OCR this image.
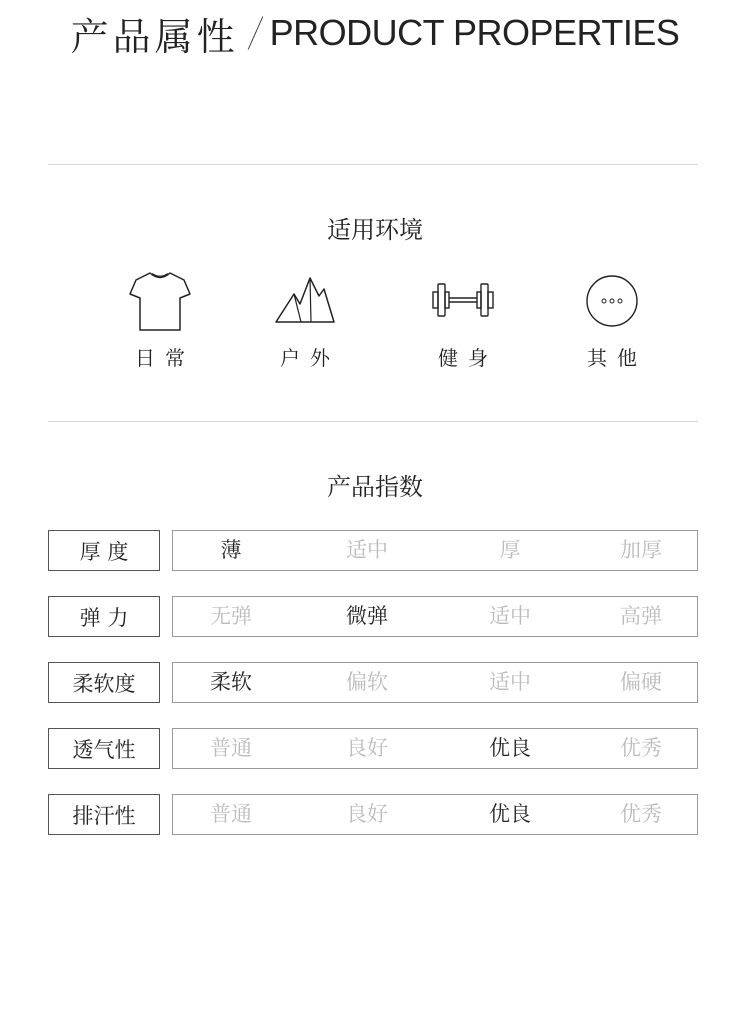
产品属性 PRODUCT PROPERTIES
适用环境
日常	户外	健身	其他
产品指数
厚 度	薄	适中	厚	加厚
弹 力	无弹	微弹	适中	高弹
柔软度	柔软	偏软	适中	偏硬
透气性	普通	良好	优良	优秀
排汗性	普通	良好	优良	优秀
